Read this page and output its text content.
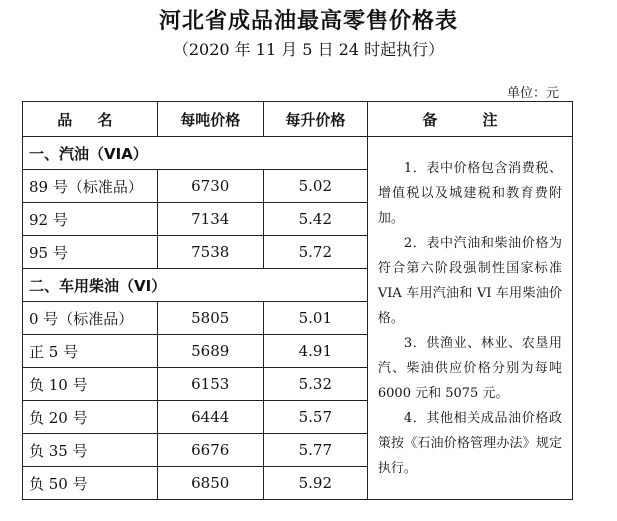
河北省成品油最高零售价格表
（2020 年 11 月 5 日 24 时起执行）
单位：元
品 名	每吨价格	每升价格	备 注
一、汽油（VIA）			1．表中价格包含消费税、增值税以及城建税和教育费附加。

2．表中汽油和柴油价格为符合第六阶段强制性国家标准 VIA 车用汽油和 VI 车用柴油价格。

3．供渔业、林业、农垦用汽、柴油供应价格分别为每吨 6000 元和 5075 元。

4．其他相关成品油价格政策按《石油价格管理办法》规定执行。

89 号（标准品）	6730	5.02	
92 号	7134	5.42	
95 号	7538	5.72	
二、车用柴油（VI）			
0 号（标准品）	5805	5.01	
正 5 号	5689	4.91	
负 10 号	6153	5.32	
负 20 号	6444	5.57	
负 35 号	6676	5.77	
负 50 号	6850	5.92	
